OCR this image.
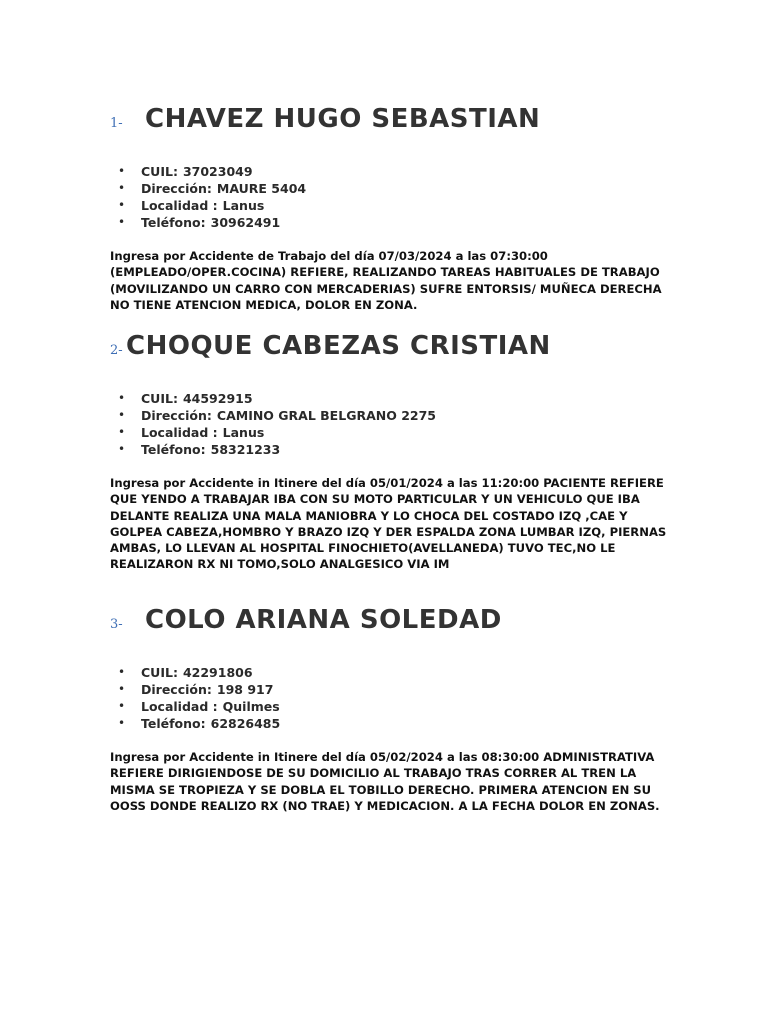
1- CHAVEZ HUGO SEBASTIAN
• CUIL: 37023049
• Dirección: MAURE 5404
• Localidad : Lanus
• Teléfono: 30962491

Ingresa por Accidente de Trabajo del día 07/03/2024 a las 07:30:00 (EMPLEADO/OPER.COCINA) REFIERE, REALIZANDO TAREAS HABITUALES DE TRABAJO (MOVILIZANDO UN CARRO CON MERCADERIAS) SUFRE ENTORSIS/ MUÑECA DERECHA NO TIENE ATENCION MEDICA, DOLOR EN ZONA.

2- CHOQUE CABEZAS CRISTIAN
• CUIL: 44592915
• Dirección: CAMINO GRAL BELGRANO 2275
• Localidad : Lanus
• Teléfono: 58321233

Ingresa por Accidente in Itinere del día 05/01/2024 a las 11:20:00 PACIENTE REFIERE QUE YENDO A TRABAJAR IBA CON SU MOTO PARTICULAR Y UN VEHICULO QUE IBA DELANTE REALIZA UNA MALA MANIOBRA Y LO CHOCA DEL COSTADO IZQ ,CAE Y GOLPEA CABEZA,HOMBRO Y BRAZO IZQ Y DER ESPALDA ZONA LUMBAR IZQ, PIERNAS AMBAS, LO LLEVAN AL HOSPITAL FINOCHIETO(AVELLANEDA) TUVO TEC,NO LE REALIZARON RX NI TOMO,SOLO ANALGESICO VIA IM

3- COLO ARIANA SOLEDAD
• CUIL: 42291806
• Dirección: 198 917
• Localidad : Quilmes
• Teléfono: 62826485

Ingresa por Accidente in Itinere del día 05/02/2024 a las 08:30:00 ADMINISTRATIVA REFIERE DIRIGIENDOSE DE SU DOMICILIO AL TRABAJO TRAS CORRER AL TREN LA MISMA SE TROPIEZA Y SE DOBLA EL TOBILLO DERECHO. PRIMERA ATENCION EN SU OOSS DONDE REALIZO RX (NO TRAE) Y MEDICACION. A LA FECHA DOLOR EN ZONAS.
